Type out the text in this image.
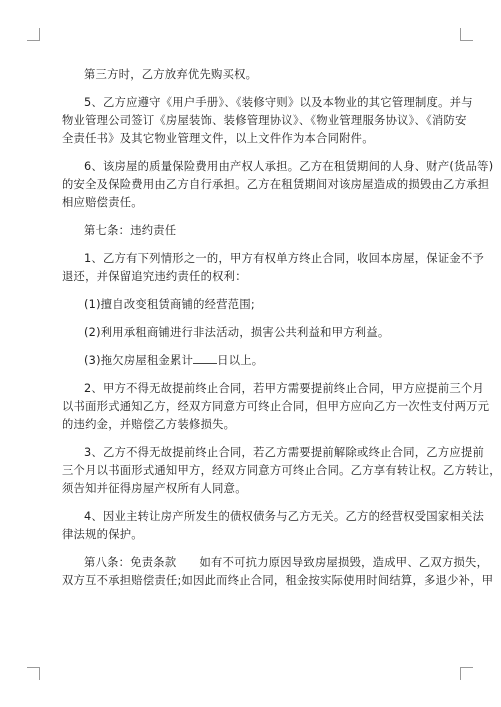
第三方时，乙方放弃优先购买权。
5、乙方应遵守《用户手册》、《装修守则》以及本物业的其它管理制度。并与
物业管理公司签订《房屋装饰、装修管理协议》、《物业管理服务协议》、《消防安
全责任书》及其它物业管理文件，以上文件作为本合同附件。
6、该房屋的质量保险费用由产权人承担。乙方在租赁期间的人身、财产(货品等)
的安全及保险费用由乙方自行承担。乙方在租赁期间对该房屋造成的损毁由乙方承担
相应赔偿责任。
第七条：违约责任
1、乙方有下列情形之一的，甲方有权单方终止合同，收回本房屋，保证金不予
退还，并保留追究违约责任的权利：
(1)擅自改变租赁商铺的经营范围;
(2)利用承租商铺进行非法活动，损害公共利益和甲方利益。
(3)拖欠房屋租金累计 日以上。
2、甲方不得无故提前终止合同，若甲方需要提前终止合同，甲方应提前三个月
以书面形式通知乙方，经双方同意方可终止合同，但甲方应向乙方一次性支付两万元
的违约金，并赔偿乙方装修损失。
3、乙方不得无故提前终止合同，若乙方需要提前解除或终止合同，乙方应提前
三个月以书面形式通知甲方，经双方同意方可终止合同。乙方享有转让权。乙方转让，
须告知并征得房屋产权所有人同意。
4、因业主转让房产所发生的债权债务与乙方无关。乙方的经营权受国家相关法
律法规的保护。
第八条：免责条款　　如有不可抗力原因导致房屋损毁，造成甲、乙双方损失，
双方互不承担赔偿责任;如因此而终止合同，租金按实际使用时间结算，多退少补，甲
